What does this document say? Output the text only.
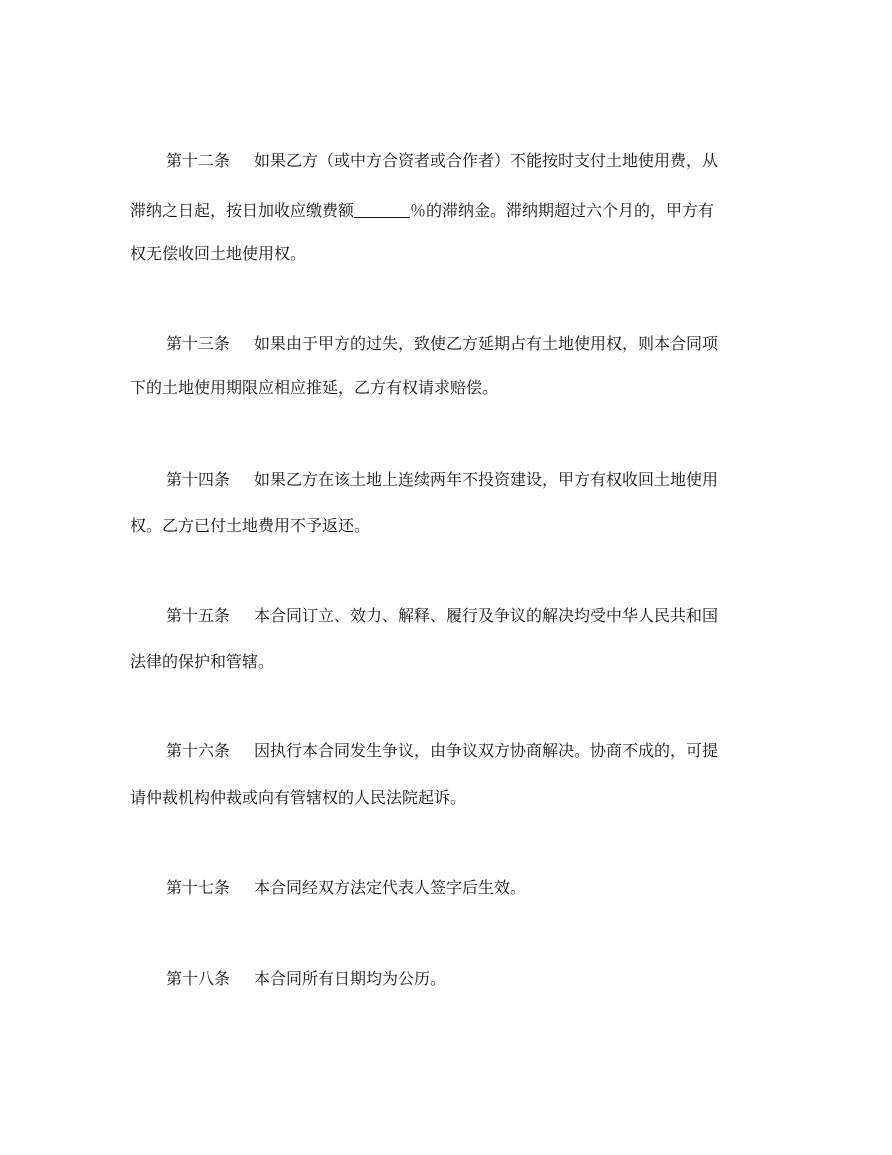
第十二条 如果乙方（或中方合资者或合作者）不能按时支付土地使用费，从
滞纳之日起，按日加收应缴费额	％的滞纳金。滞纳期超过六个月的，甲方有
权无偿收回土地使用权。
第十三条 如果由于甲方的过失，致使乙方延期占有土地使用权，则本合同项
下的土地使用期限应相应推延，乙方有权请求赔偿。
第十四条 如果乙方在该土地上连续两年不投资建设，甲方有权收回土地使用
权。乙方已付土地费用不予返还。
第十五条 本合同订立、效力、解释、履行及争议的解决均受中华人民共和国
法律的保护和管辖。
第十六条 因执行本合同发生争议，由争议双方协商解决。协商不成的，可提
请仲裁机构仲裁或向有管辖权的人民法院起诉。
第十七条 本合同经双方法定代表人签字后生效。
第十八条 本合同所有日期均为公历。
